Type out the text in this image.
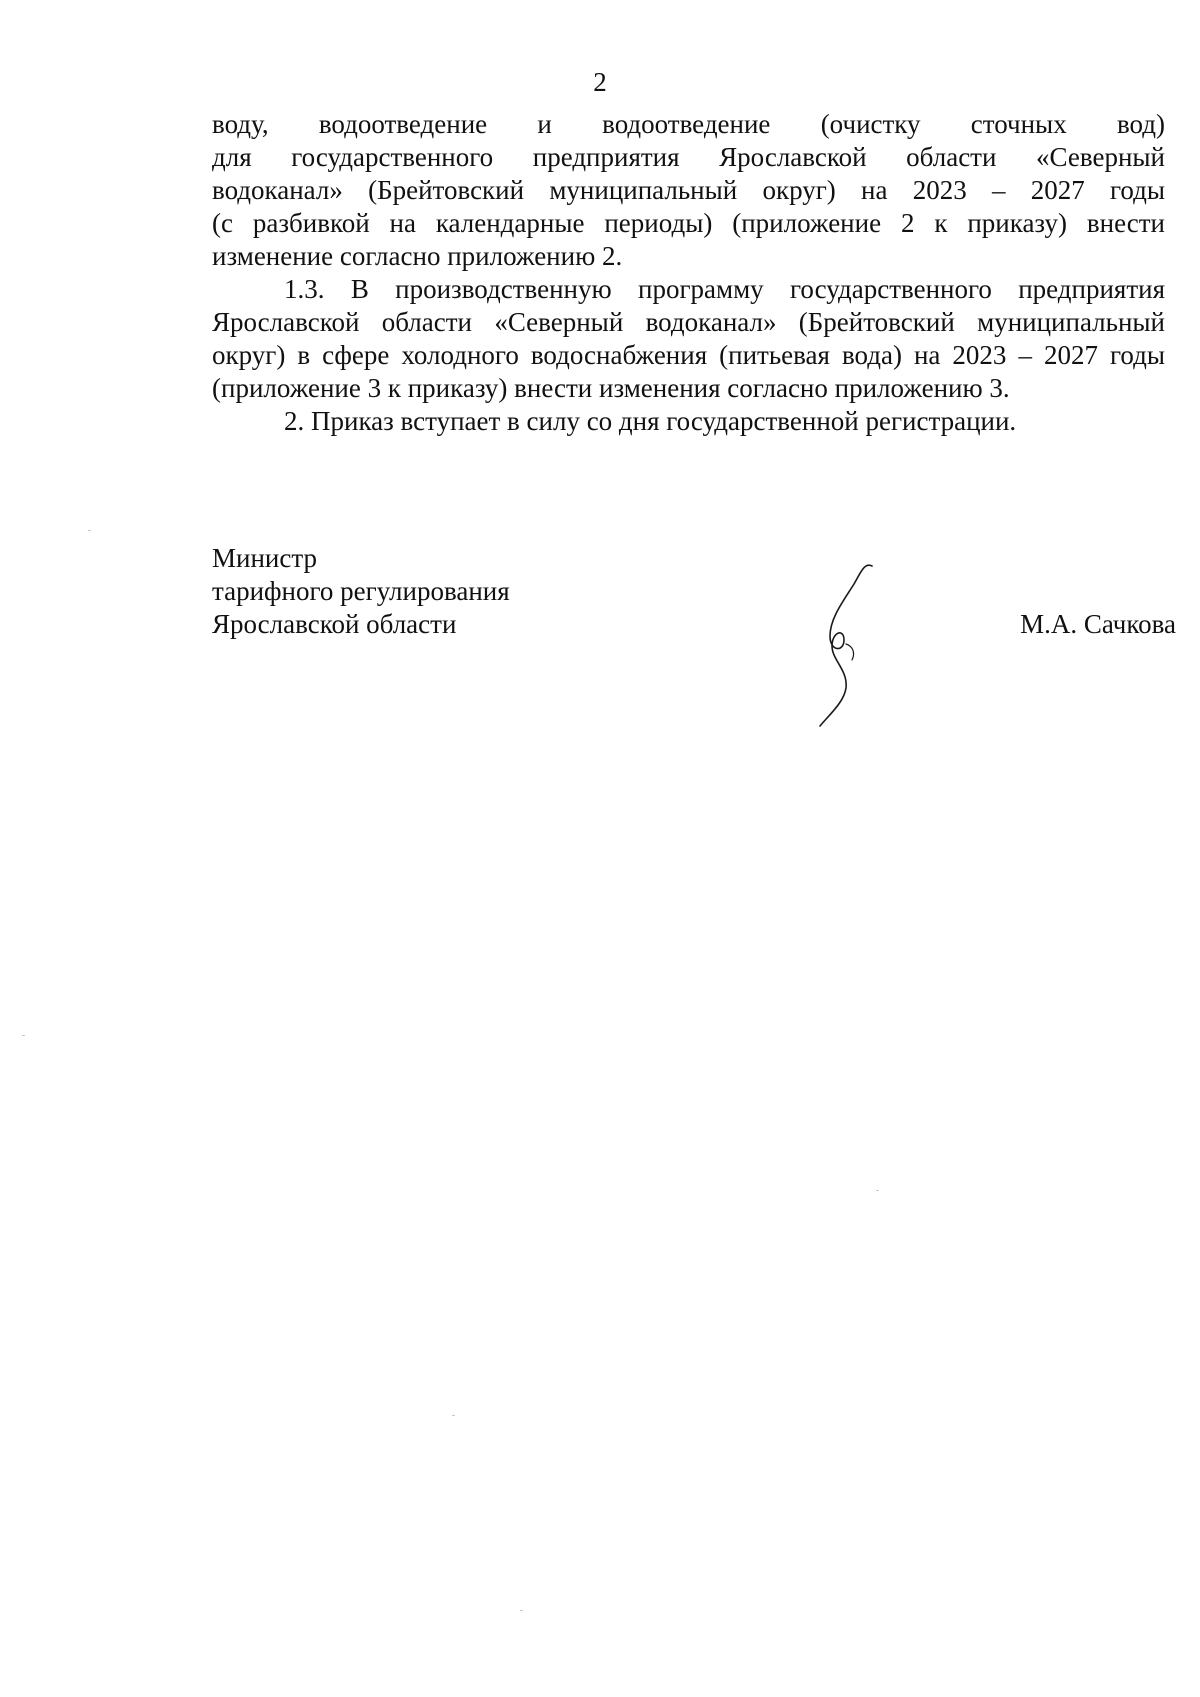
2

воду, водоотведение и водоотведение (очистку сточных вод)

для государственного предприятия Ярославской области «Северный

водоканал» (Брейтовский муниципальный округ) на 2023 – 2027 годы

(с разбивкой на календарные периоды) (приложение 2 к приказу) внести

изменение согласно приложению 2.

1.3. В производственную программу государственного предприятия Ярославской области «Северный водоканал» (Брейтовский муниципальный округ) в сфере холодного водоснабжения (питьевая вода) на 2023 – 2027 годы (приложение 3 к приказу) внести изменения согласно приложению 3.

2. Приказ вступает в силу со дня государственной регистрации.

Министр
тарифного регулирования
Ярославской области	М.А. Сачкова
